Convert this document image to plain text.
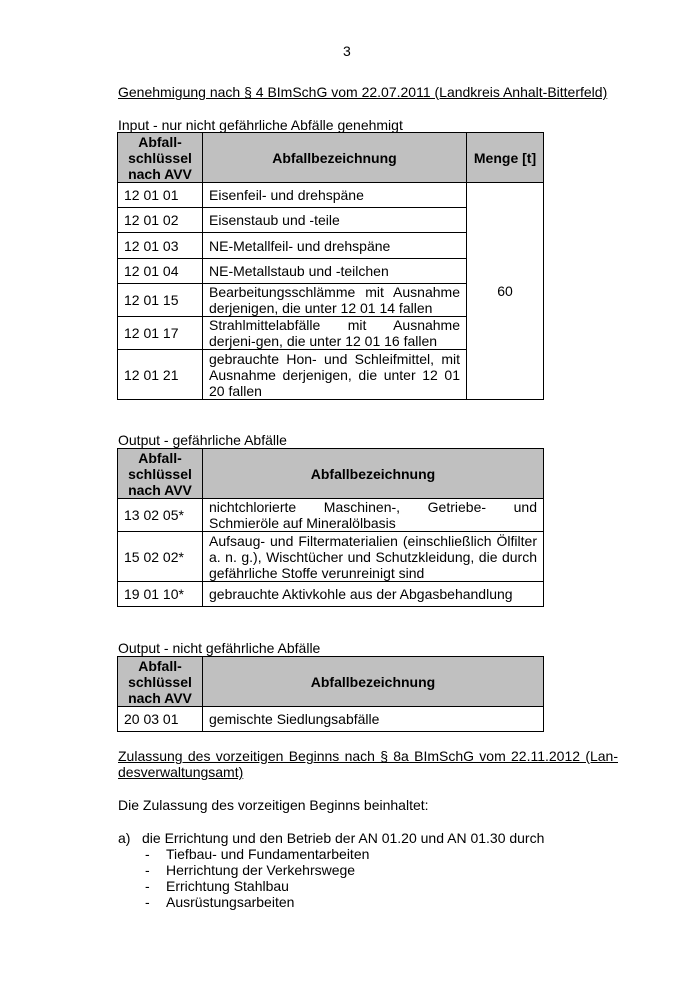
3
Genehmigung nach § 4 BImSchG vom 22.07.2011 (Landkreis Anhalt-Bitterfeld)
Input - nur nicht gefährliche Abfälle genehmigt
Abfall-
schlüssel
nach AVV	Abfallbezeichnung	Menge [t]
12 01 01	Eisenfeil- und drehspäne	60
12 01 02	Eisenstaub und -teile	
12 01 03	NE-Metallfeil- und drehspäne	
12 01 04	NE-Metallstaub und -teilchen	
12 01 15	Bearbeitungsschlämme mit Ausnahme derjenigen, die unter 12 01 14 fallen	
12 01 17	Strahlmittelabfälle mit Ausnahme derjeni-gen, die unter 12 01 16 fallen	
12 01 21	gebrauchte Hon- und Schleifmittel, mit Ausnahme derjenigen, die unter 12 01 20 fallen	
Output - gefährliche Abfälle
Abfall-
schlüssel
nach AVV	Abfallbezeichnung
13 02 05*	nichtchlorierte Maschinen-, Getriebe- und Schmieröle auf Mineralölbasis
15 02 02*	Aufsaug- und Filtermaterialien (einschließlich Ölfilter a. n. g.), Wischtücher und Schutzkleidung, die durch gefährliche Stoffe verunreinigt sind
19 01 10*	gebrauchte Aktivkohle aus der Abgasbehandlung
Output - nicht gefährliche Abfälle
Abfall-
schlüssel
nach AVV	Abfallbezeichnung
20 03 01	gemischte Siedlungsabfälle
Zulassung des vorzeitigen Beginns nach § 8a BImSchG vom 22.11.2012 (Lan-desverwaltungsamt)
Die Zulassung des vorzeitigen Beginns beinhaltet:
a) die Errichtung und den Betrieb der AN 01.20 und AN 01.30 durch
- Tiefbau- und Fundamentarbeiten
- Herrichtung der Verkehrswege
- Errichtung Stahlbau
- Ausrüstungsarbeiten
